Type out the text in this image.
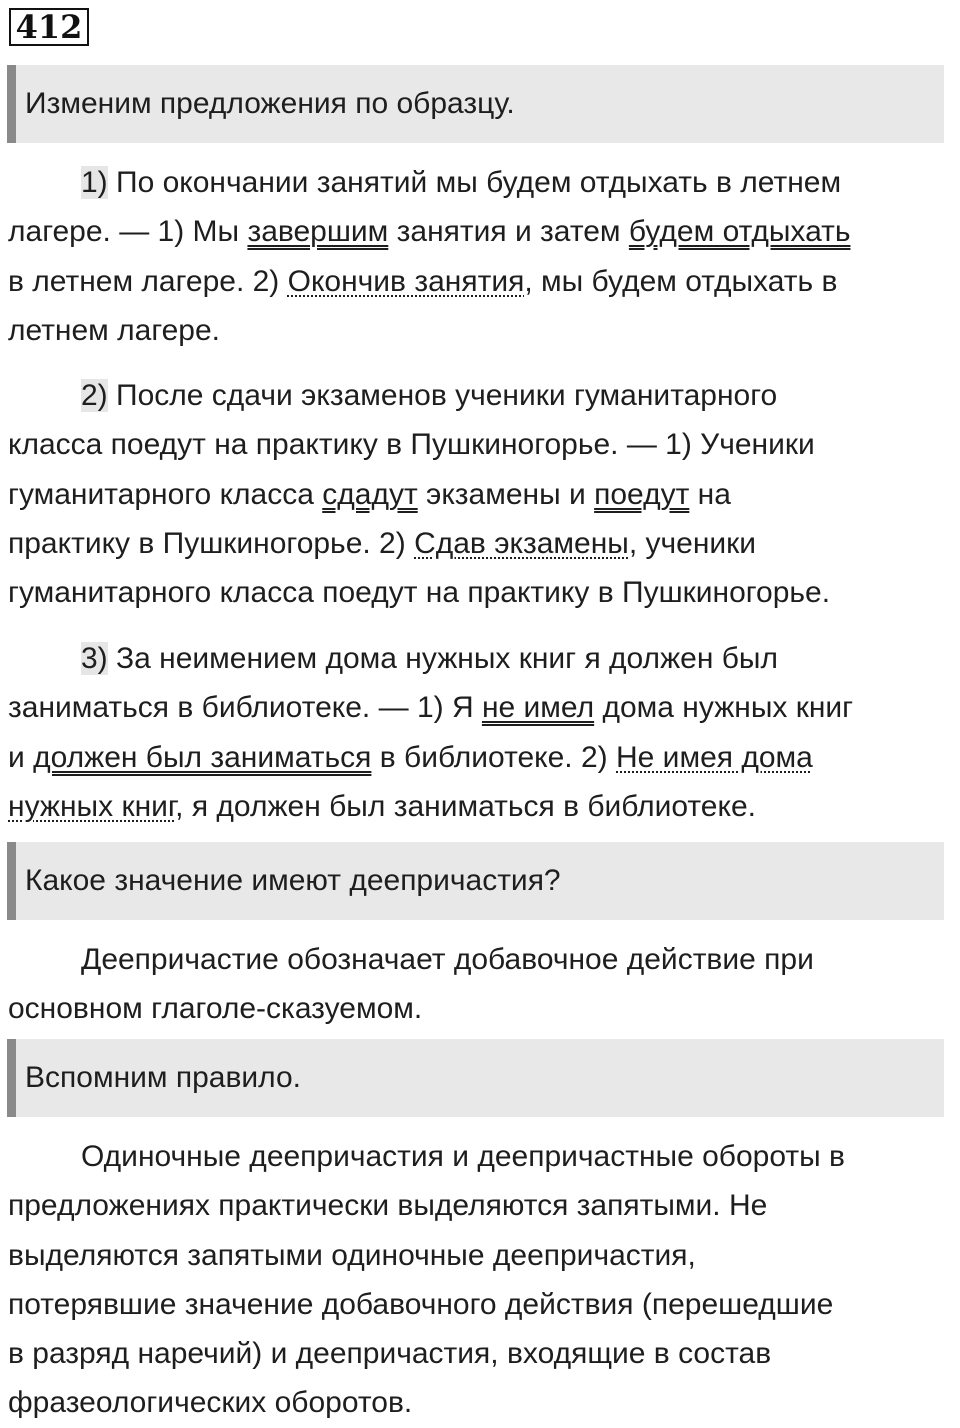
412
Изменим предложения по образцу.
1) По окончании занятий мы будем отдыхать в летнем
лагере. — 1) Мы завершим занятия и затем будем отдыхать
в летнем лагере. 2) Окончив занятия, мы будем отдыхать в
летнем лагере.
2) После сдачи экзаменов ученики гуманитарного
класса поедут на практику в Пушкиногорье. — 1) Ученики
гуманитарного класса сдадут экзамены и поедут на
практику в Пушкиногорье. 2) Сдав экзамены, ученики
гуманитарного класса поедут на практику в Пушкиногорье.
3) За неимением дома нужных книг я должен был
заниматься в библиотеке. — 1) Я не имел дома нужных книг
и должен был заниматься в библиотеке. 2) Не имея дома
нужных книг, я должен был заниматься в библиотеке.
Какое значение имеют деепричастия?
Деепричастие обозначает добавочное действие при
основном глаголе-сказуемом.
Вспомним правило.
Одиночные деепричастия и деепричастные обороты в
предложениях практически выделяются запятыми. Не
выделяются запятыми одиночные деепричастия,
потерявшие значение добавочного действия (перешедшие
в разряд наречий) и деепричастия, входящие в состав
фразеологических оборотов.
